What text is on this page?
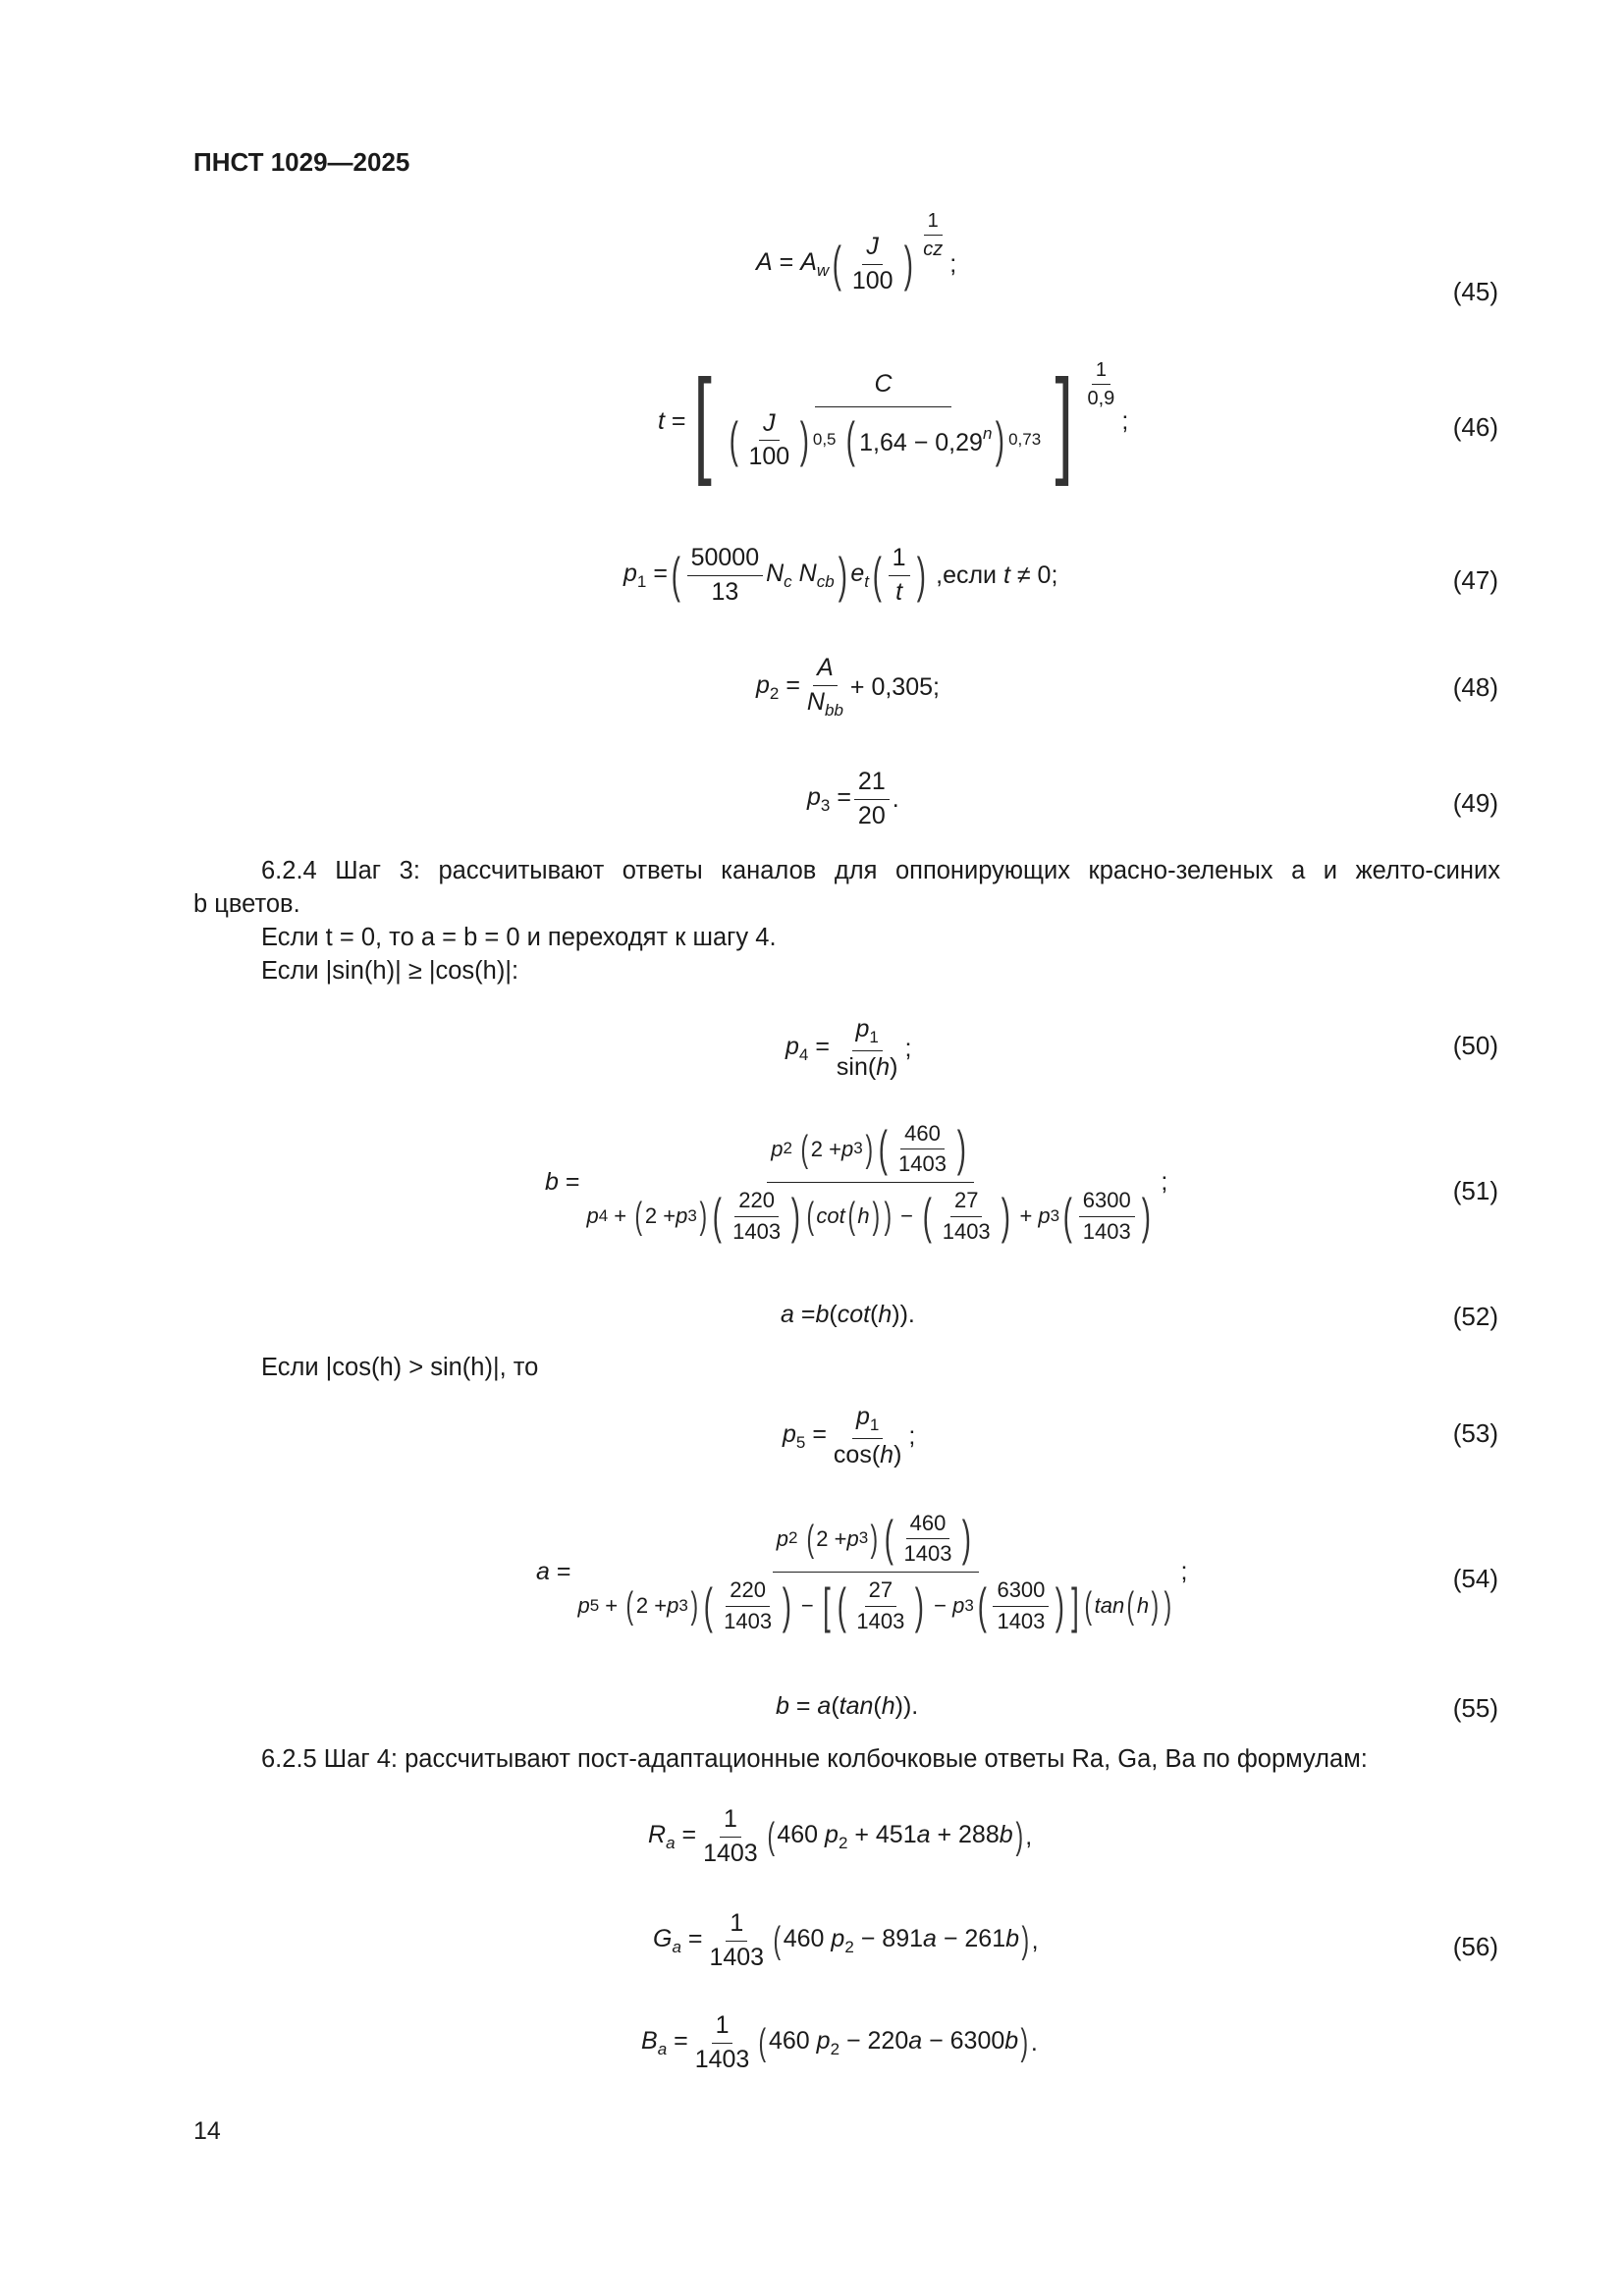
ПНСТ 1029—2025
$A = A_w$ ( J
100 )
1
cz
;
(45)
t = [	C
( J
100 ) 0,5
( $1,64 - 0,29^n$ ) 0,73 ] 1
0,9
;	(46)
$p_1$ = ( 50000
13
$N_c$ $N_{cb}$ ) $e_t$ ( 1
t ) ,если t ≠ 0;	(47)
$p_2$ =
A
$N_{bb}$
+ 0,305;	(48)
$p_3 = \frac{21}{20}$ .	(49)
6.2.4 Шаг 3: рассчитывают ответы каналов для оппонирующих красно-зеленых a и желто-синих
b цветов.
Если t = 0, то a = b = 0 и переходят к шагу 4.
Если |sin(h)| ≥ |cos(h)|:
$p_4 = \frac{p_1}{\sin(h)}$ ;	(50)
b =
p 2
( 2 + p 3 ) ( 460
1403 )
p 4 + ( 2 + p 3 ) ( 220
1403 ) ( cot ( h ) ) − ( 27
1403 ) + p 3 ( 6300
1403 )
;	(51)
a =b(cot(h)).	(52)
Если |cos(h) > sin(h)|, то
$p_5 = \frac{p_1}{\cos(h)}$ ;	(53)
a =
p 2
( 2 + p 3 ) ( 460
1403 )
p 5 + ( 2 + p 3 ) ( 220
1403 ) − [ ( 27
1403 ) − p 3 ( 6300
1403 ) ] ( tan ( h ) )
;	(54)
b = a(tan(h)).	(55)
6.2.5 Шаг 4: рассчитывают пост-адаптационные колбочковые ответы Ra, Ga, Ba по формулам:
$R_a = \frac{1}{1403}$ ( 460 $p_2 + 451a + 288b$ ) ,
$G_a = \frac{1}{1403}$ ( 460 $p_2 - 891a - 261b$ ) ,	(56)
$B_a = \frac{1}{1403}$ ( 460 $p_2 - 220a - 6300b$ ) .
14
